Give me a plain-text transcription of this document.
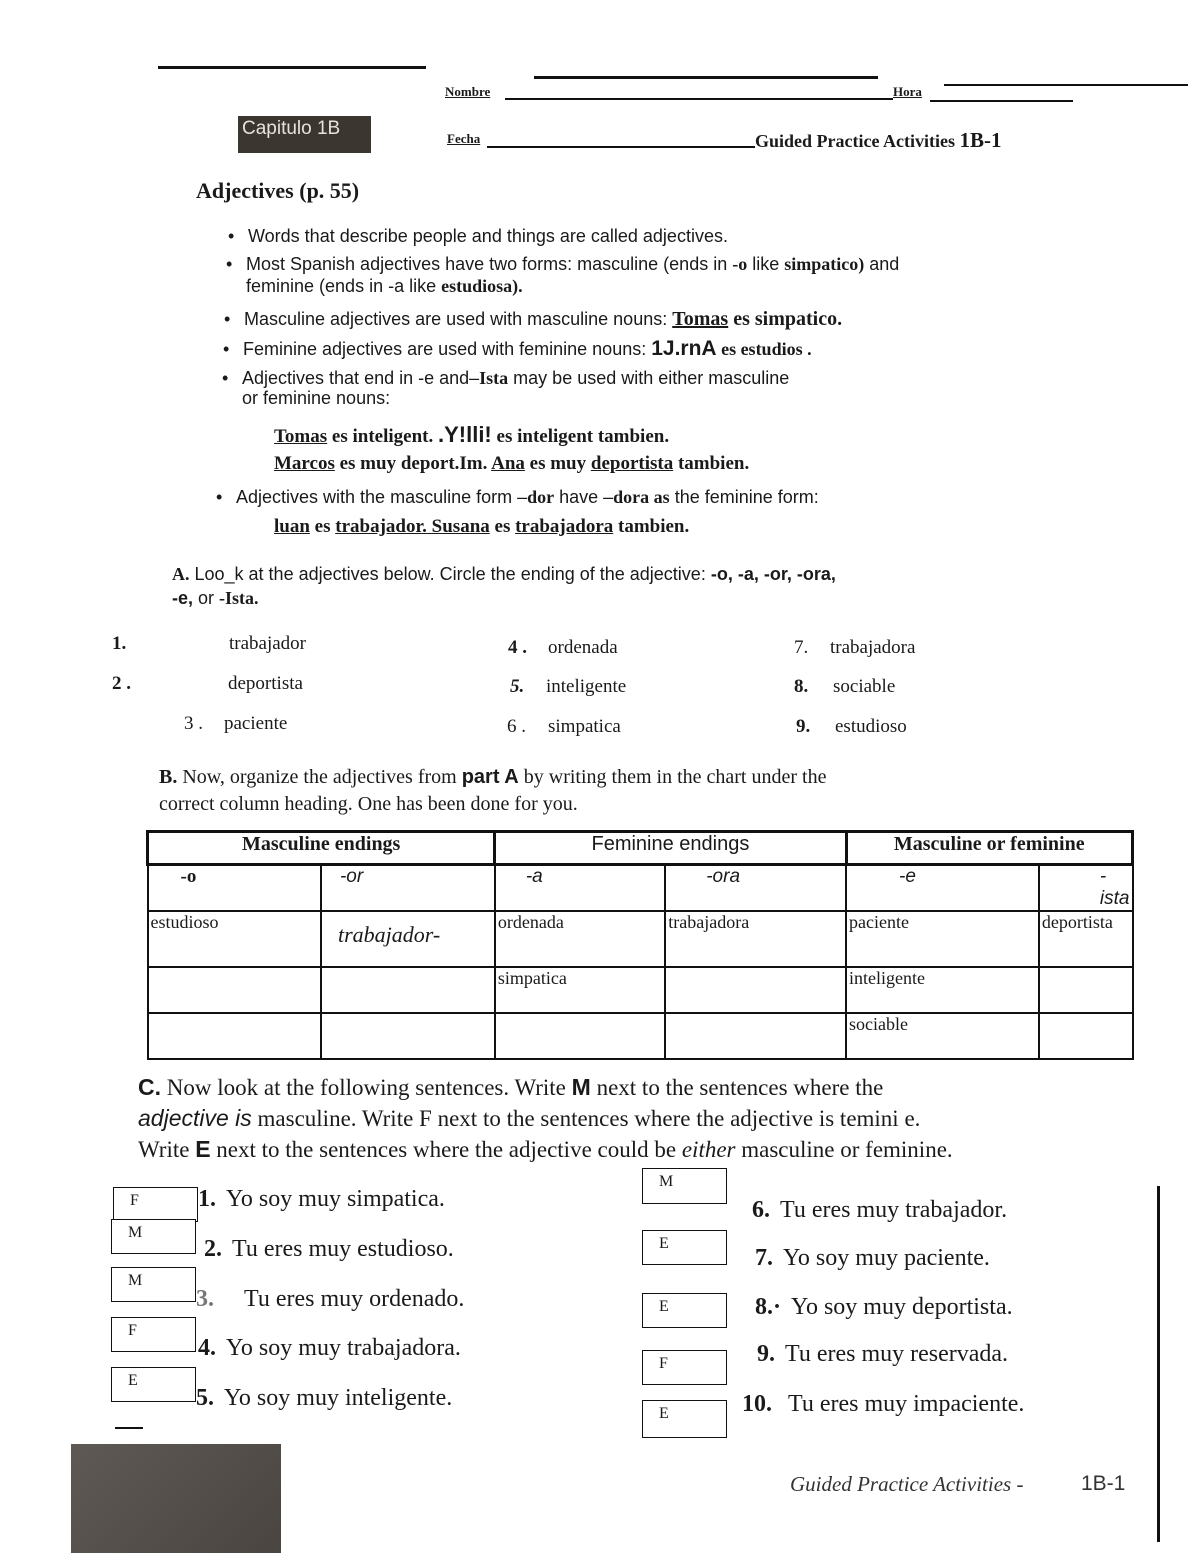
Nombre	Hora
Capitulo 1B	Fecha	Guided Practice Activities 1B-1
Adjectives (p. 55)
• Words that describe people and things are called adjectives.
• Most Spanish adjectives have two forms: masculine (ends in -o like simpatico) and
feminine (ends in -a like estudiosa).
• Masculine adjectives are used with masculine nouns: Tomas es simpatico.
• Feminine adjectives are used with feminine nouns: 1J.rnA es estudios .
• Adjectives that end in -e and–Ista may be used with either masculine
or feminine nouns:
Tomas es inteligent. .Y!lli! es inteligent tambien.
Marcos es muy deport.Im. Ana es muy deportista tambien.
• Adjectives with the masculine form –dor have –dora as the feminine form:
luan es trabajador. Susana es trabajadora tambien.
A. Loo_k at the adjectives below. Circle the ending of the adjective: -o, -a, -or, -ora,
-e, or -Ista.
1.	trabajador
2 .	deportista
3 . paciente
4 . ordenada
5. inteligente
6 . simpatica
7. trabajadora
8. sociable
9. estudioso
B. Now, organize the adjectives from part A by writing them in the chart under the
correct column heading. One has been done for you.
Masculine endings		Feminine endings		Masculine or feminine	
-o	-or	-a	-ora	-e	-ista
estudioso	trabajador-	ordenada	trabajadora	paciente	deportista
		simpatica		inteligente	
				sociable	
C. Now look at the following sentences. Write M next to the sentences where the
adjective is masculine. Write F next to the sentences where the adjective is temini e.
Write E next to the sentences where the adjective could be either masculine or feminine.
F
M
M
F
E
1. Yo soy muy simpatica.
2. Tu eres muy estudioso.
3. Tu eres muy ordenado.
4. Yo soy muy trabajadora.
5. Yo soy muy inteligente.
M
E
E
F
E
6. Tu eres muy trabajador.
7. Yo soy muy paciente.
8.· Yo soy muy deportista.
9. Tu eres muy reservada.
10. Tu eres muy impaciente.
Guided Practice Activities -	1B-1
